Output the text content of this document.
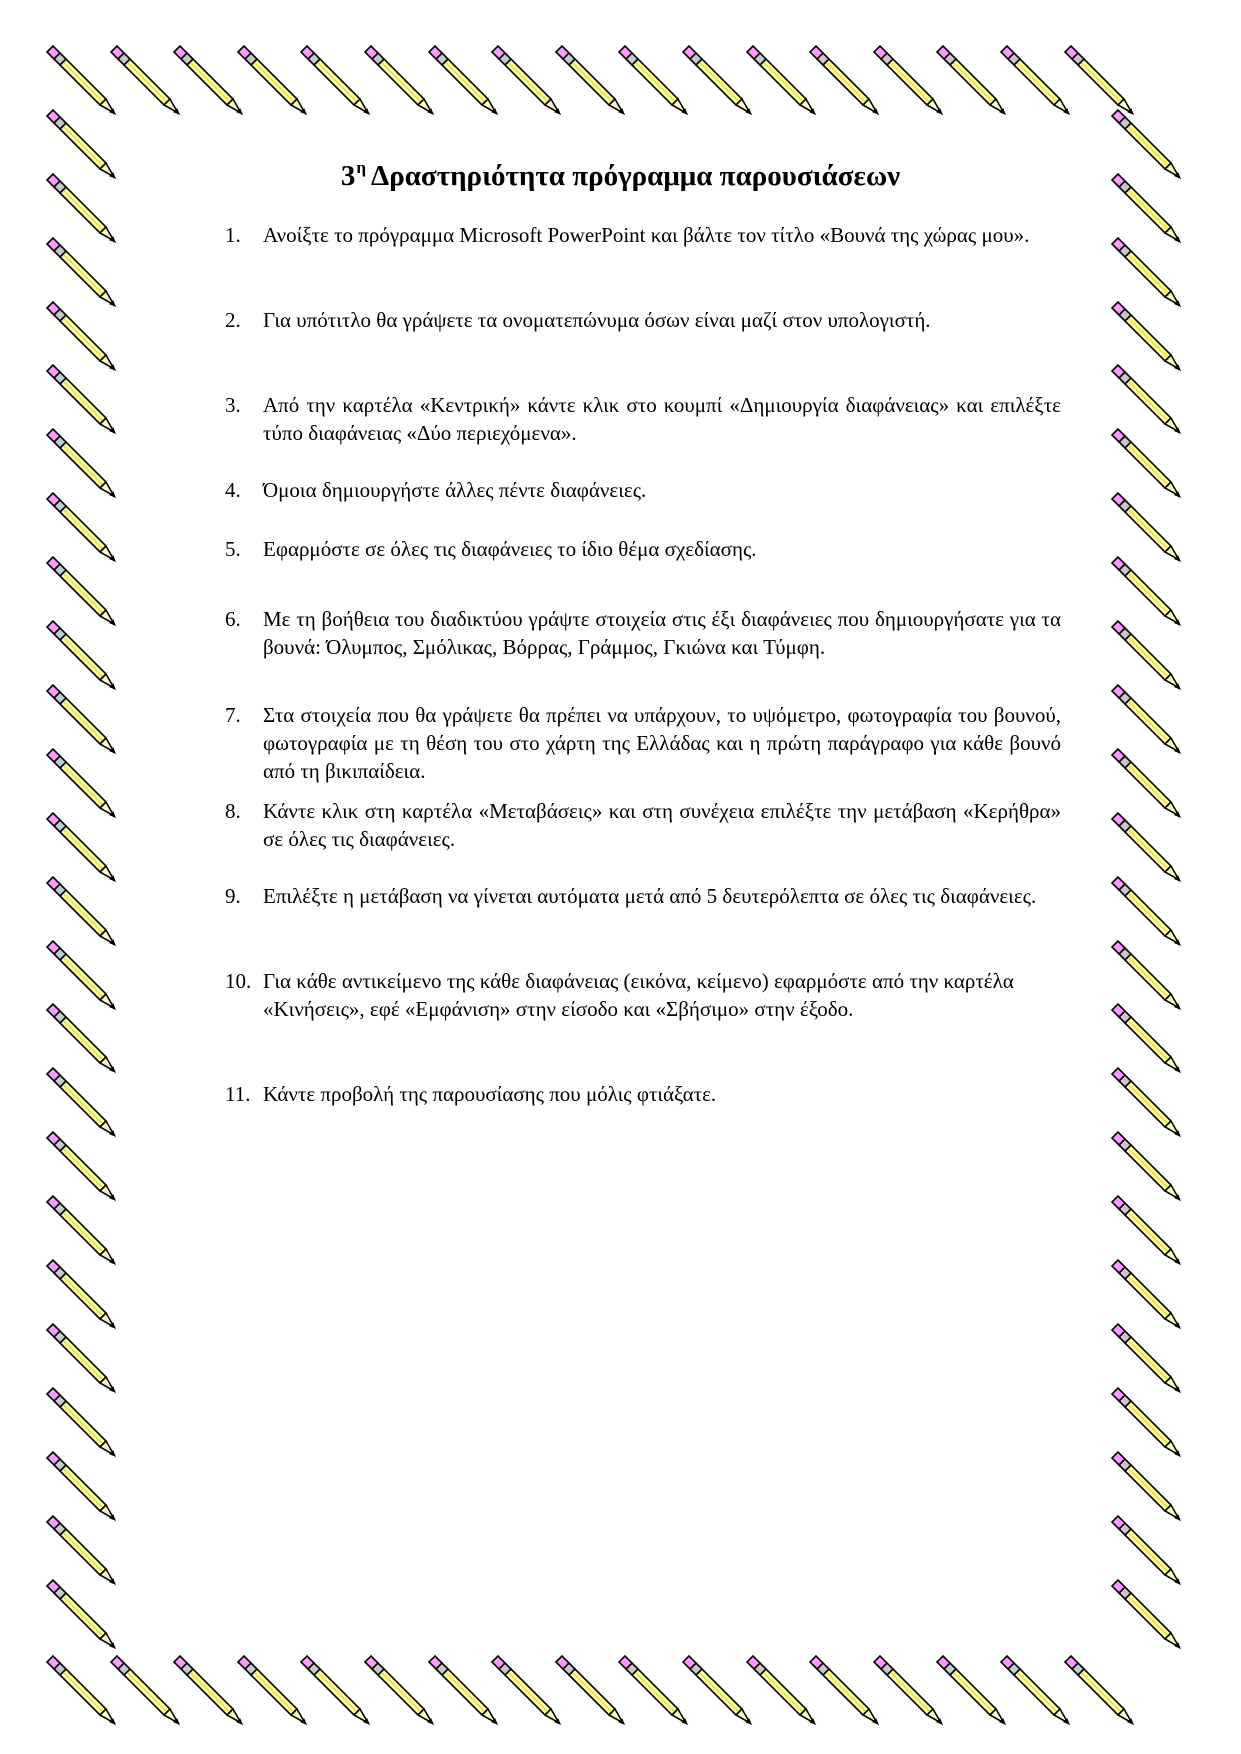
$3^\eta$ Δραστηριότητα πρόγραμμα παρουσιάσεων
1. Ανοίξτε το πρόγραμμα Microsoft PowerPoint και βάλτε τον τίτλο «Βουνά της χώρας μου».
2. Για υπότιτλο θα γράψετε τα ονοματεπώνυμα όσων είναι μαζί στον υπολογιστή.
3. Από την καρτέλα «Κεντρική» κάντε κλικ στο κουμπί «Δημιουργία διαφάνειας» και επιλέξτε τύπο διαφάνειας «Δύο περιεχόμενα».
4. Όμοια δημιουργήστε άλλες πέντε διαφάνειες.
5. Εφαρμόστε σε όλες τις διαφάνειες το ίδιο θέμα σχεδίασης.
6. Με τη βοήθεια του διαδικτύου γράψτε στοιχεία στις έξι διαφάνειες που δημιουργήσατε για τα βουνά: Όλυμπος, Σμόλικας, Βόρρας, Γράμμος, Γκιώνα και Τύμφη.
7. Στα στοιχεία που θα γράψετε θα πρέπει να υπάρχουν, το υψόμετρο, φωτογραφία του βουνού, φωτογραφία με τη θέση του στο χάρτη της Ελλάδας και η πρώτη παράγραφο για κάθε βουνό από τη βικιπαίδεια.
8. Κάντε κλικ στη καρτέλα «Μεταβάσεις» και στη συνέχεια επιλέξτε την μετάβαση «Κερήθρα» σε όλες τις διαφάνειες.
9. Επιλέξτε η μετάβαση να γίνεται αυτόματα μετά από 5 δευτερόλεπτα σε όλες τις διαφάνειες.
10. Για κάθε αντικείμενο της κάθε διαφάνειας (εικόνα, κείμενο) εφαρμόστε από την καρτέλα «Κινήσεις», εφέ «Εμφάνιση» στην είσοδο και «Σβήσιμο» στην έξοδο.
11. Κάντε προβολή της παρουσίασης που μόλις φτιάξατε.
